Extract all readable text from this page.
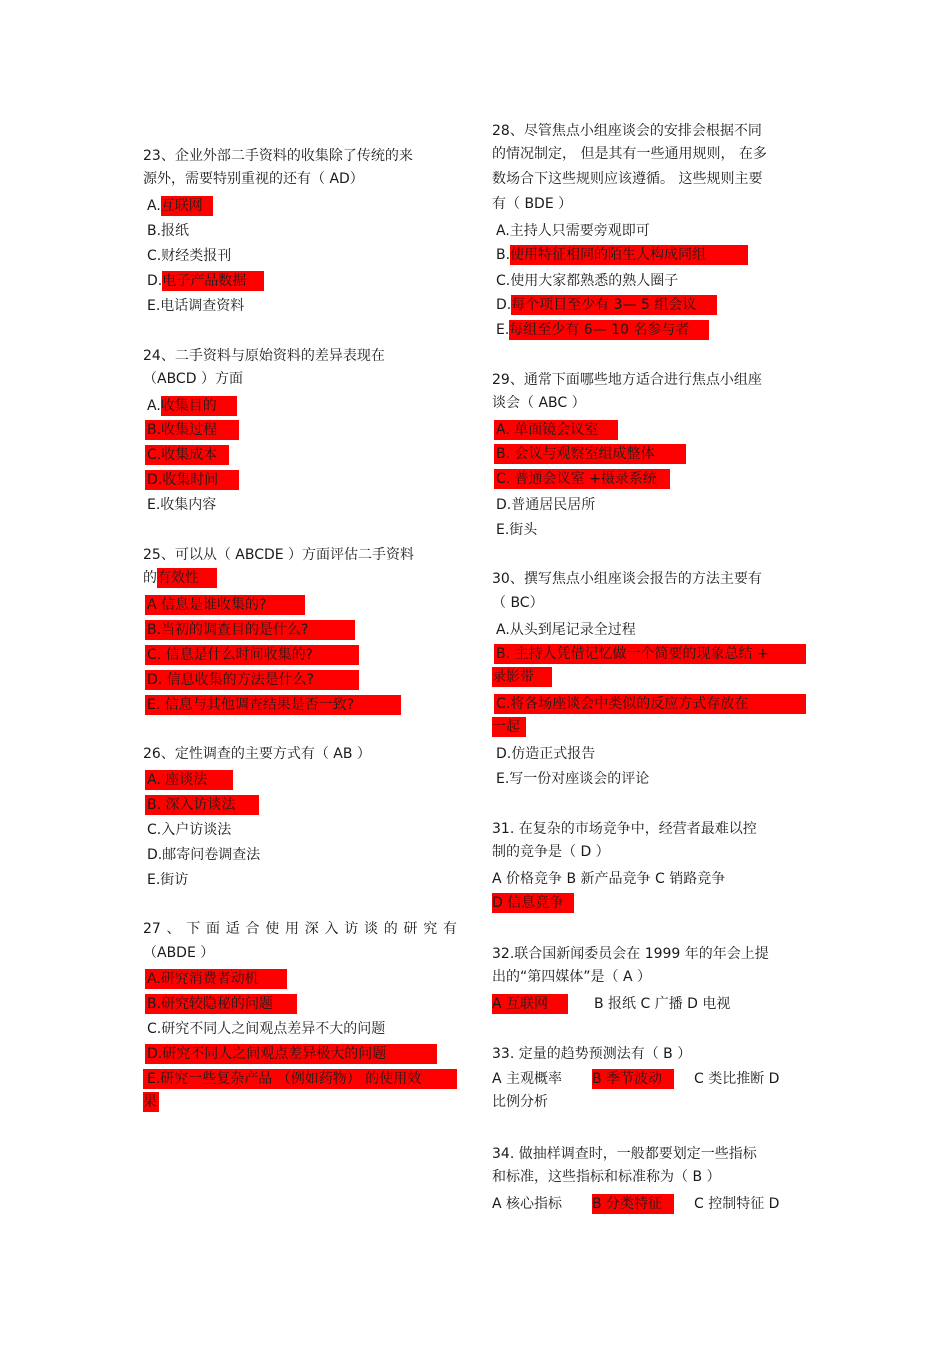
23、企业外部二手资料的收集除了传统的来
源外，需要特别重视的还有（ AD）
A.互联网
B.报纸
C.财经类报刊
D.电子产品数据
E.电话调查资料
24、二手资料与原始资料的差异表现在
（ABCD ）方面
A.收集目的
B.收集过程
C.收集成本
D.收集时间
E.收集内容
25、可以从（ ABCDE ）方面评估二手资料
的有效性
A 信息是谁收集的?
B.当初的调查目的是什么?
C. 信息是什么时间收集的?
D. 信息收集的方法是什么?
E. 信息与其他调查结果是否一致?
26、定性调查的主要方式有（ AB ）
A. 座谈法
B. 深入访谈法
C.入户访谈法
D.邮寄问卷调查法
E.街访
27、下面适合使用深入访谈的研究有
（ABDE ）
A.研究消费者动机
B.研究较隐秘的问题
C.研究不同人之间观点差异不大的问题
D.研究不同人之间观点差异极大的问题
E.研究一些复杂产品 （例如药物） 的使用效
果
28、尽管焦点小组座谈会的安排会根据不同
的情况制定， 但是其有一些通用规则， 在多
数场合下这些规则应该遵循。 这些规则主要
有（ BDE ）
A.主持人只需要旁观即可
B.使用特征相同的陌生人构成同组
C.使用大家都熟悉的熟人圈子
D.每个项目至少有 3— 5 组会议
E.每组至少有 6— 10 名参与者
29、通常下面哪些地方适合进行焦点小组座
谈会（ ABC ）
A. 单面镜会议室
B. 会议与观察室组成整体
C. 普通会议室 +摄录系统
D.普通居民居所
E.街头
30、撰写焦点小组座谈会报告的方法主要有
（ BC）
A.从头到尾记录全过程
B. 主持人凭借记忆做一个简要的现象总结 +
录影带
C.将各场座谈会中类似的反应方式存放在
一起
D.仿造正式报告
E.写一份对座谈会的评论
31. 在复杂的市场竞争中，经营者最难以控
制的竞争是（ D ）
A 价格竞争 B 新产品竞争 C 销路竞争
D 信息竞争
32.联合国新闻委员会在 1999 年的年会上提
出的“第四媒体”是（ A ）
A 互联网	B 报纸 C 广播 D 电视
33. 定量的趋势预测法有（ B ）
A 主观概率 B 季节波动 C 类比推断 D
比例分析
34. 做抽样调查时，一般都要划定一些指标
和标准，这些指标和标准称为（ B ）
A 核心指标 B 分类特征 C 控制特征 D
